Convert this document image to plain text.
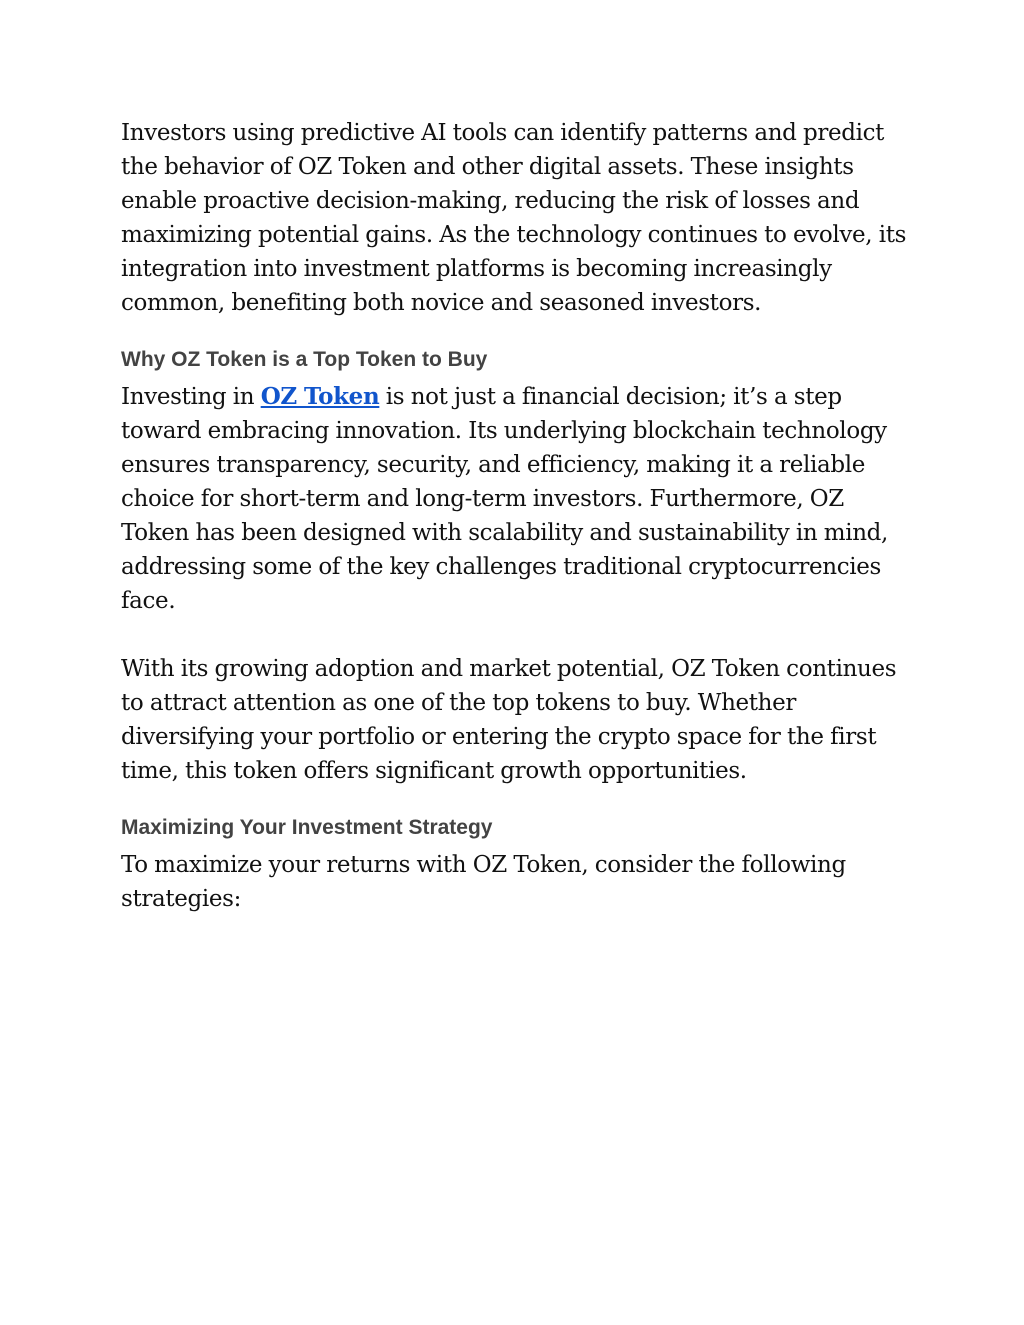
Investors using predictive AI tools can identify patterns and predict the behavior of OZ Token and other digital assets. These insights enable proactive decision-making, reducing the risk of losses and maximizing potential gains. As the technology continues to evolve, its integration into investment platforms is becoming increasingly common, benefiting both novice and seasoned investors.

Why OZ Token is a Top Token to Buy

Investing in OZ Token is not just a financial decision; it’s a step toward embracing innovation. Its underlying blockchain technology ensures transparency, security, and efficiency, making it a reliable choice for short-term and long-term investors. Furthermore, OZ Token has been designed with scalability and sustainability in mind, addressing some of the key challenges traditional cryptocurrencies face.

With its growing adoption and market potential, OZ Token continues to attract attention as one of the top tokens to buy. Whether diversifying your portfolio or entering the crypto space for the first time, this token offers significant growth opportunities.

Maximizing Your Investment Strategy

To maximize your returns with OZ Token, consider the following strategies:
